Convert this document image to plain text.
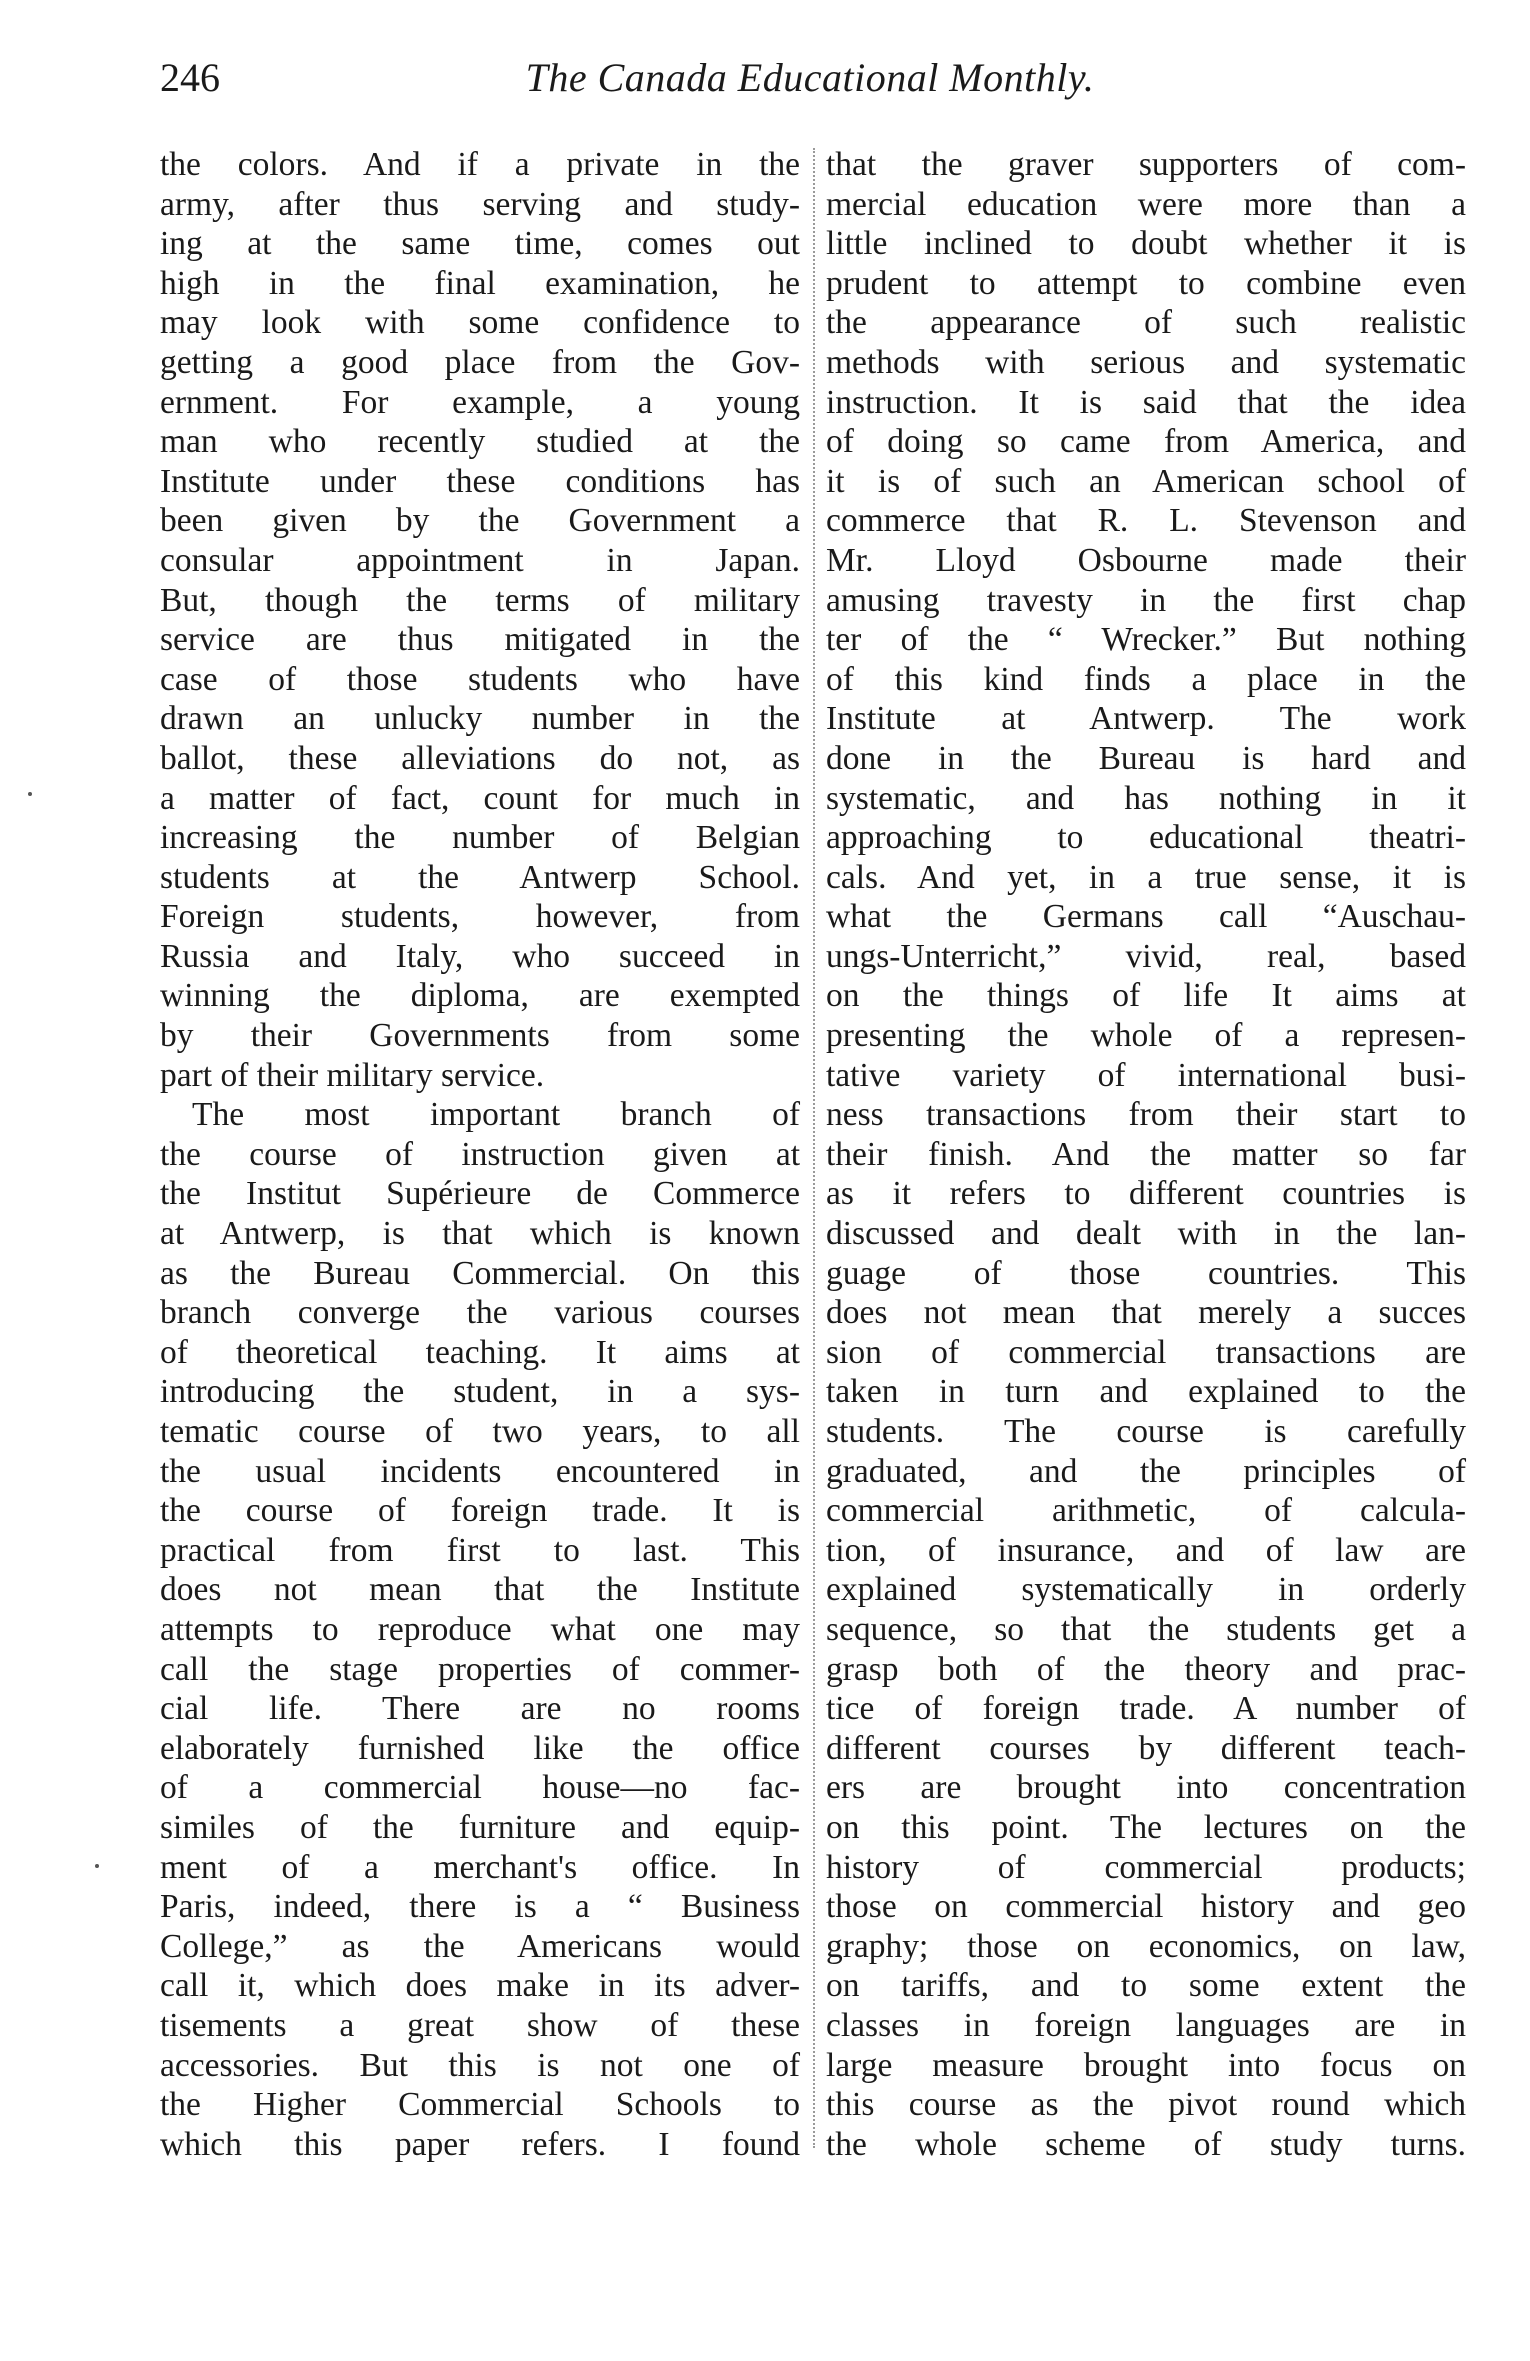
246	The Canada Educational Monthly.
the colors. And if a private in the
army, after thus serving and study-
ing at the same time, comes out
high in the final examination, he
may look with some confidence to
getting a good place from the Gov-
ernment. For example, a young
man who recently studied at the
Institute under these conditions has
been given by the Government a
consular appointment in Japan.
But, though the terms of military
service are thus mitigated in the
case of those students who have
drawn an unlucky number in the
ballot, these alleviations do not, as
a matter of fact, count for much in
increasing the number of Belgian
students at the Antwerp School.
Foreign students, however, from
Russia and Italy, who succeed in
winning the diploma, are exempted
by their Governments from some
part of their military service.
The most important branch of
the course of instruction given at
the Institut Supérieure de Commerce
at Antwerp, is that which is known
as the Bureau Commercial. On this
branch converge the various courses
of theoretical teaching. It aims at
introducing the student, in a sys-
tematic course of two years, to all
the usual incidents encountered in
the course of foreign trade. It is
practical from first to last. This
does not mean that the Institute
attempts to reproduce what one may
call the stage properties of commer-
cial life. There are no rooms
elaborately furnished like the office
of a commercial house—no fac-
similes of the furniture and equip-
ment of a merchant's office. In
Paris, indeed, there is a “ Business
College,” as the Americans would
call it, which does make in its adver-
tisements a great show of these
accessories. But this is not one of
the Higher Commercial Schools to
which this paper refers. I found
that the graver supporters of com-
mercial education were more than a
little inclined to doubt whether it is
prudent to attempt to combine even
the appearance of such realistic
methods with serious and systematic
instruction. It is said that the idea
of doing so came from America, and
it is of such an American school of
commerce that R. L. Stevenson and
Mr. Lloyd Osbourne made their
amusing travesty in the first chap
ter of the “ Wrecker.” But nothing
of this kind finds a place in the
Institute at Antwerp. The work
done in the Bureau is hard and
systematic, and has nothing in it
approaching to educational theatri-
cals. And yet, in a true sense, it is
what the Germans call “Auschau-
ungs-Unterricht,” vivid, real, based
on the things of life It aims at
presenting the whole of a represen-
tative variety of international busi-
ness transactions from their start to
their finish. And the matter so far
as it refers to different countries is
discussed and dealt with in the lan-
guage of those countries. This
does not mean that merely a succes
sion of commercial transactions are
taken in turn and explained to the
students. The course is carefully
graduated, and the principles of
commercial arithmetic, of calcula-
tion, of insurance, and of law are
explained systematically in orderly
sequence, so that the students get a
grasp both of the theory and prac-
tice of foreign trade. A number of
different courses by different teach-
ers are brought into concentration
on this point. The lectures on the
history of commercial products;
those on commercial history and geo
graphy; those on economics, on law,
on tariffs, and to some extent the
classes in foreign languages are in
large measure brought into focus on
this course as the pivot round which
the whole scheme of study turns.
